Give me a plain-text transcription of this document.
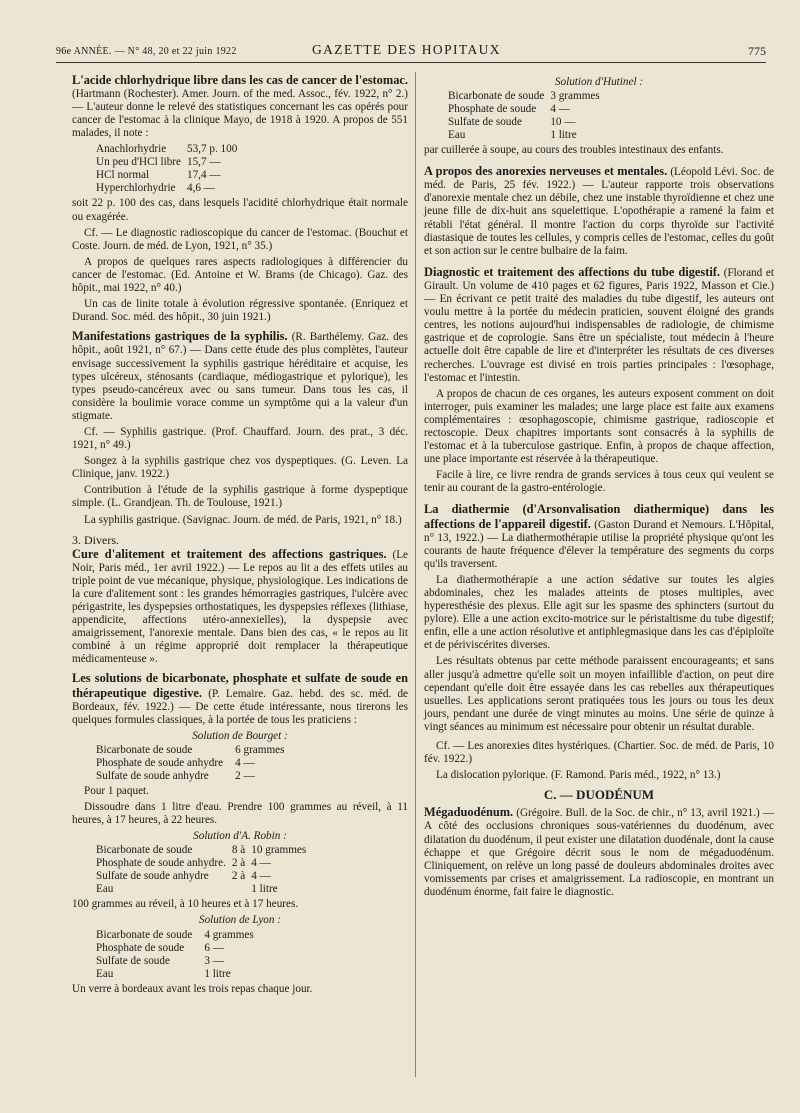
96e ANNÉE. — N° 48, 20 et 22 juin 1922	GAZETTE DES HOPITAUX	775

L'acide chlorhydrique libre dans les cas de cancer de l'estomac. (Hartmann (Rochester). Amer. Journ. of the med. Assoc., fév. 1922, n° 2.) — L'auteur donne le relevé des statistiques concernant les cas opérés pour cancer de l'estomac à la clinique Mayo, de 1918 à 1920. A propos de 551 malades, il note :

Anachlorhydrie	53,7 p. 100
Un peu d'HCl libre	15,7 —
HCl normal	17,4 —
Hyperchlorhydrie	4,6 —

soit 22 p. 100 des cas, dans lesquels l'acidité chlorhydrique était normale ou exagérée.

Cf. — Le diagnostic radioscopique du cancer de l'estomac. (Bouchut et Coste. Journ. de méd. de Lyon, 1921, n° 35.)

A propos de quelques rares aspects radiologiques à différencier du cancer de l'estomac. (Ed. Antoine et W. Brams (de Chicago). Gaz. des hôpit., mai 1922, n° 40.)

Un cas de linite totale à évolution régressive spontanée. (Enriquez et Durand. Soc. méd. des hôpit., 30 juin 1921.)

Manifestations gastriques de la syphilis. (R. Barthélemy. Gaz. des hôpit., août 1921, n° 67.) — Dans cette étude des plus complètes, l'auteur envisage successivement la syphilis gastrique héréditaire et acquise, les types ulcéreux, sténosants (cardiaque, médiogastrique et pylorique), les types pseudo-cancéreux avec ou sans tumeur. Dans tous les cas, il considère la boulimie vorace comme un symptôme qui a la valeur d'un stigmate.

Cf. — Syphilis gastrique. (Prof. Chauffard. Journ. des prat., 3 déc. 1921, n° 49.)

Songez à la syphilis gastrique chez vos dyspeptiques. (G. Leven. La Clinique, janv. 1922.)

Contribution à l'étude de la syphilis gastrique à forme dyspeptique simple. (L. Grandjean. Th. de Toulouse, 1921.)

La syphilis gastrique. (Savignac. Journ. de méd. de Paris, 1921, n° 18.)

3. Divers.

Cure d'alitement et traitement des affections gastriques. (Le Noir, Paris méd., 1er avril 1922.) — Le repos au lit a des effets utiles au triple point de vue mécanique, physique, physiologique. Les indications de la cure d'alitement sont : les grandes hémorragies gastriques, l'ulcère avec périgastrite, les dyspepsies orthostatiques, les dyspepsies réflexes (lithiase, appendicite, affections utéro-annexielles), la dyspepsie avec amaigrissement, l'anorexie mentale. Dans bien des cas, « le repos au lit combiné à un régime approprié doit remplacer la thérapeutique médicamenteuse ».

Les solutions de bicarbonate, phosphate et sulfate de soude en thérapeutique digestive. (P. Lemaire. Gaz. hebd. des sc. méd. de Bordeaux, fév. 1922.) — De cette étude intéressante, nous tirerons les quelques formules classiques, à la portée de tous les praticiens :

Solution de Bourget :
Bicarbonate de soude		6 grammes
Phosphate de soude anhydre		4 —
Sulfate de soude anhydre		2 —

Pour 1 paquet.

Dissoudre dans 1 litre d'eau. Prendre 100 grammes au réveil, à 11 heures, à 17 heures, à 22 heures.

Solution d'A. Robin :
Bicarbonate de soude	8 à	10 grammes
Phosphate de soude anhydre.	2 à	4 —
Sulfate de soude anhydre	2 à	4 —
Eau		1 litre

100 grammes au réveil, à 10 heures et à 17 heures.

Solution de Lyon :
Bicarbonate de soude		4 grammes
Phosphate de soude		6 —
Sulfate de soude		3 —
Eau		1 litre

Un verre à bordeaux avant les trois repas chaque jour.

Solution d'Hutinel :
Bicarbonate de soude	3 grammes
Phosphate de soude	4 —
Sulfate de soude	10 —
Eau	1 litre

par cuillerée à soupe, au cours des troubles intestinaux des enfants.

A propos des anorexies nerveuses et mentales. (Léopold Lévi. Soc. de méd. de Paris, 25 fév. 1922.) — L'auteur rapporte trois observations d'anorexie mentale chez un débile, chez une instable thyroïdienne et chez une jeune fille de dix-huit ans squelettique. L'opothérapie a ramené la faim et rétabli l'état général. Il montre l'action du corps thyroïde sur l'activité diastasique de toutes les cellules, y compris celles de l'estomac, celles du goût et son action sur le centre bulbaire de la faim.

Diagnostic et traitement des affections du tube digestif. (Florand et Girault. Un volume de 410 pages et 62 figures, Paris 1922, Masson et Cie.) — En écrivant ce petit traité des maladies du tube digestif, les auteurs ont voulu mettre à la portée du médecin praticien, souvent éloigné des grands centres, les notions aujourd'hui indispensables de radiologie, de chimisme gastrique et de coprologie. Sans être un spécialiste, tout médecin à l'heure actuelle doit être capable de lire et d'interpréter les résultats de ces diverses recherches. L'ouvrage est divisé en trois parties principales : l'œsophage, l'estomac et l'intestin.

A propos de chacun de ces organes, les auteurs exposent comment on doit interroger, puis examiner les malades; une large place est faite aux examens complémentaires : œsophagoscopie, chimisme gastrique, radioscopie et rectoscopie. Deux chapitres importants sont consacrés à la syphilis de l'estomac et à la tuberculose gastrique. Enfin, à propos de chaque affection, une place importante est réservée à la thérapeutique.

Facile à lire, ce livre rendra de grands services à tous ceux qui veulent se tenir au courant de la gastro-entérologie.

La diathermie (d'Arsonvalisation diathermique) dans les affections de l'appareil digestif. (Gaston Durand et Nemours. L'Hôpital, n° 13, 1922.) — La diathermothérapie utilise la propriété physique qu'ont les courants de haute fréquence d'élever la température des segments du corps qu'ils traversent.

La diathermothérapie a une action sédative sur toutes les algies abdominales, chez les malades atteints de ptoses multiples, avec hyperesthésie des plexus. Elle agit sur les spasme des sphincters (surtout du pylore). Elle a une action excito-motrice sur le péristaltisme du tube digestif; enfin, elle a une action résolutive et antiphlegmasique dans les cas d'épiploïte et de périviscérites diverses.

Les résultats obtenus par cette méthode paraissent encourageants; et sans aller jusqu'à admettre qu'elle soit un moyen infaillible d'action, on peut dire cependant qu'elle doit être essayée dans les cas rebelles aux thérapeutiques usuelles. Les applications seront pratiquées tous les jours ou tous les deux jours, pendant une durée de vingt minutes au moins. Une série de quinze à vingt séances au minimum est nécessaire pour obtenir un résultat durable.

Cf. — Les anorexies dites hystériques. (Chartier. Soc. de méd. de Paris, 10 fév. 1922.)

La dislocation pylorique. (F. Ramond. Paris méd., 1922, n° 13.)

C. — DUODÉNUM

Mégaduodénum. (Grégoire. Bull. de la Soc. de chir., n° 13, avril 1921.) — A côté des occlusions chroniques sous-vatériennes du duodénum, avec dilatation du duodénum, il peut exister une dilatation duodénale, dont la cause échappe et que Grégoire décrit sous le nom de mégaduodénum. Cliniquement, on relève un long passé de douleurs abdominales droites avec vomissements par crises et amaigrissement. La radioscopie, en montrant un duodénum énorme, fait faire le diagnostic.
